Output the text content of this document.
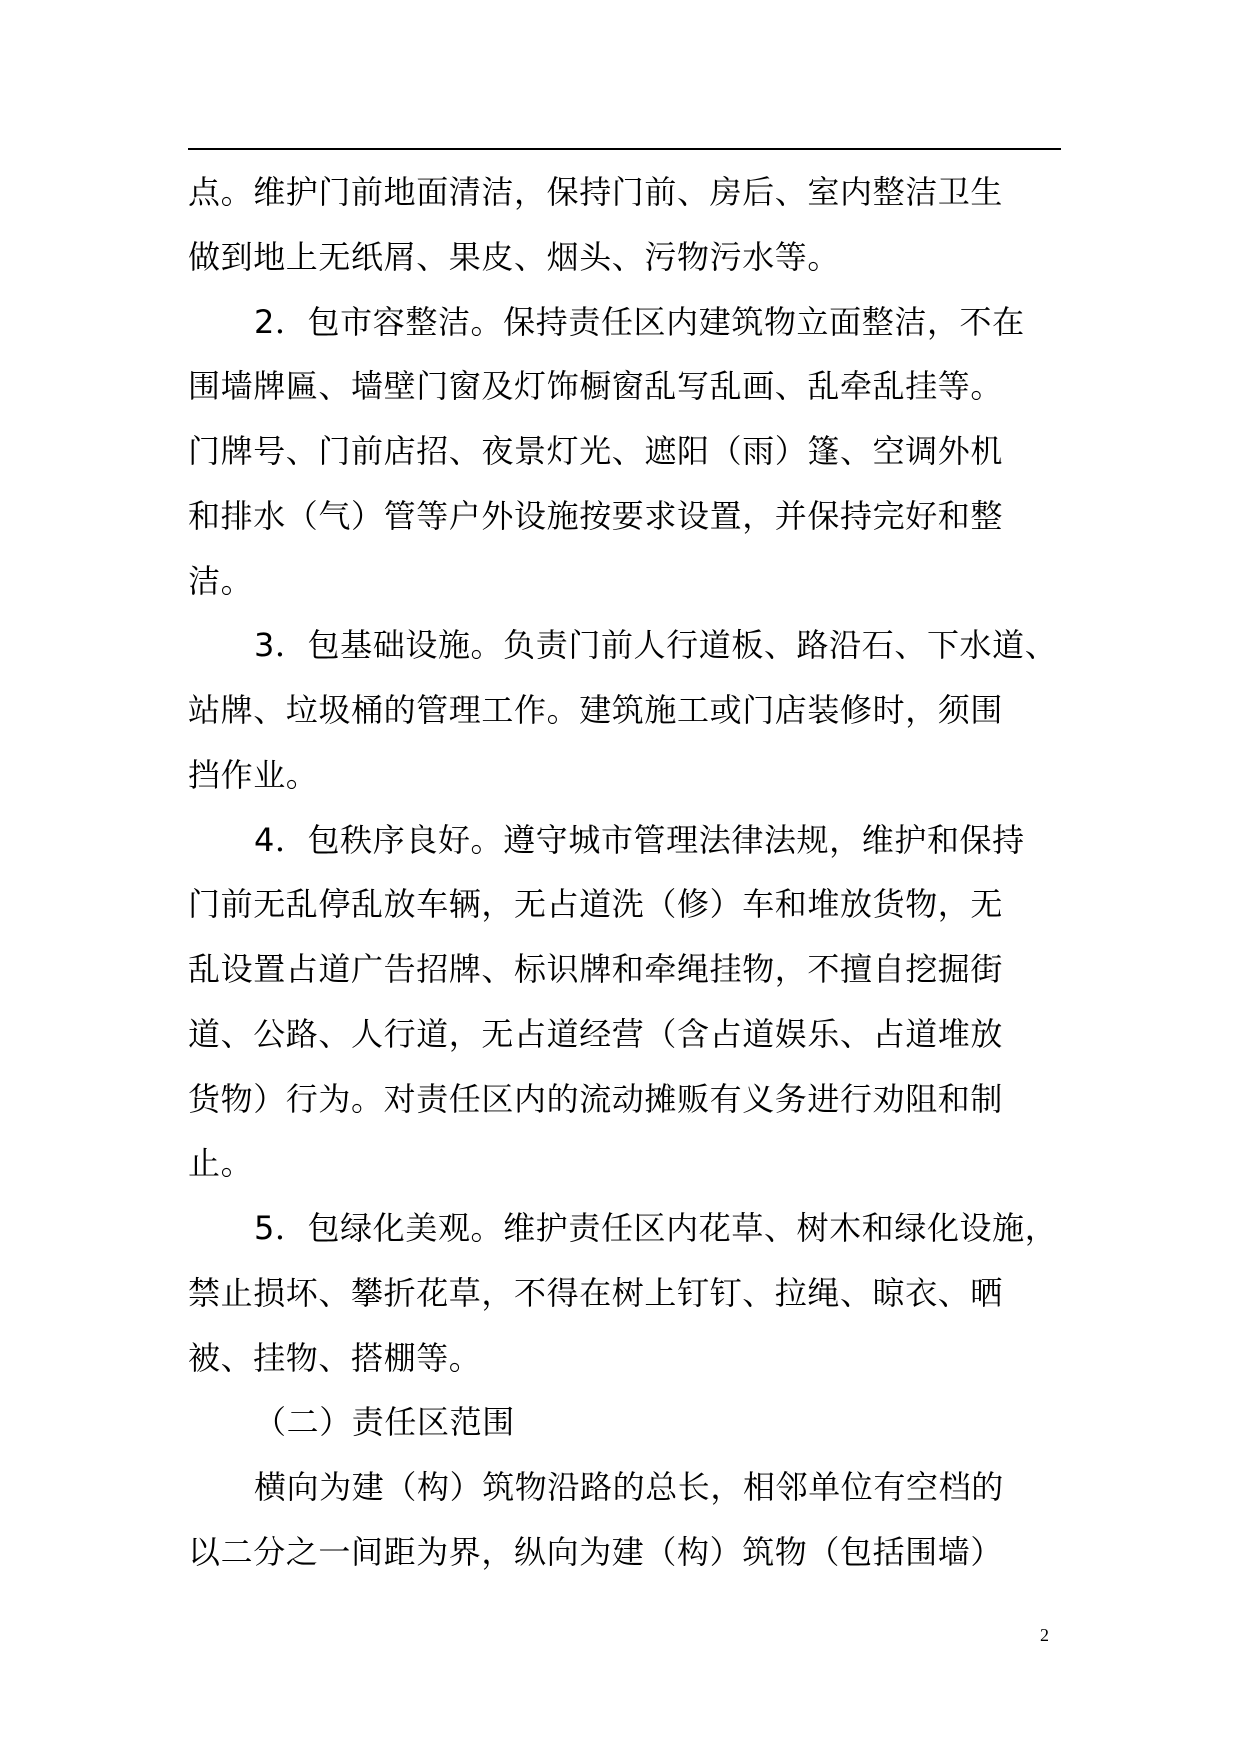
点。维护门前地面清洁，保持门前、房后、室内整洁卫生
做到地上无纸屑、果皮、烟头、污物污水等。
2．包市容整洁。保持责任区内建筑物立面整洁，不在
围墙牌匾、墙壁门窗及灯饰橱窗乱写乱画、乱牵乱挂等。
门牌号、门前店招、夜景灯光、遮阳（雨）篷、空调外机
和排水（气）管等户外设施按要求设置，并保持完好和整
洁。
3．包基础设施。负责门前人行道板、路沿石、下水道、
站牌、垃圾桶的管理工作。建筑施工或门店装修时，须围
挡作业。
4．包秩序良好。遵守城市管理法律法规，维护和保持
门前无乱停乱放车辆，无占道洗（修）车和堆放货物，无
乱设置占道广告招牌、标识牌和牵绳挂物，不擅自挖掘街
道、公路、人行道，无占道经营（含占道娱乐、占道堆放
货物）行为。对责任区内的流动摊贩有义务进行劝阻和制
止。
5．包绿化美观。维护责任区内花草、树木和绿化设施，
禁止损坏、攀折花草，不得在树上钉钉、拉绳、晾衣、晒
被、挂物、搭棚等。
（二）责任区范围
横向为建（构）筑物沿路的总长，相邻单位有空档的
以二分之一间距为界，纵向为建（构）筑物（包括围墙）
2
